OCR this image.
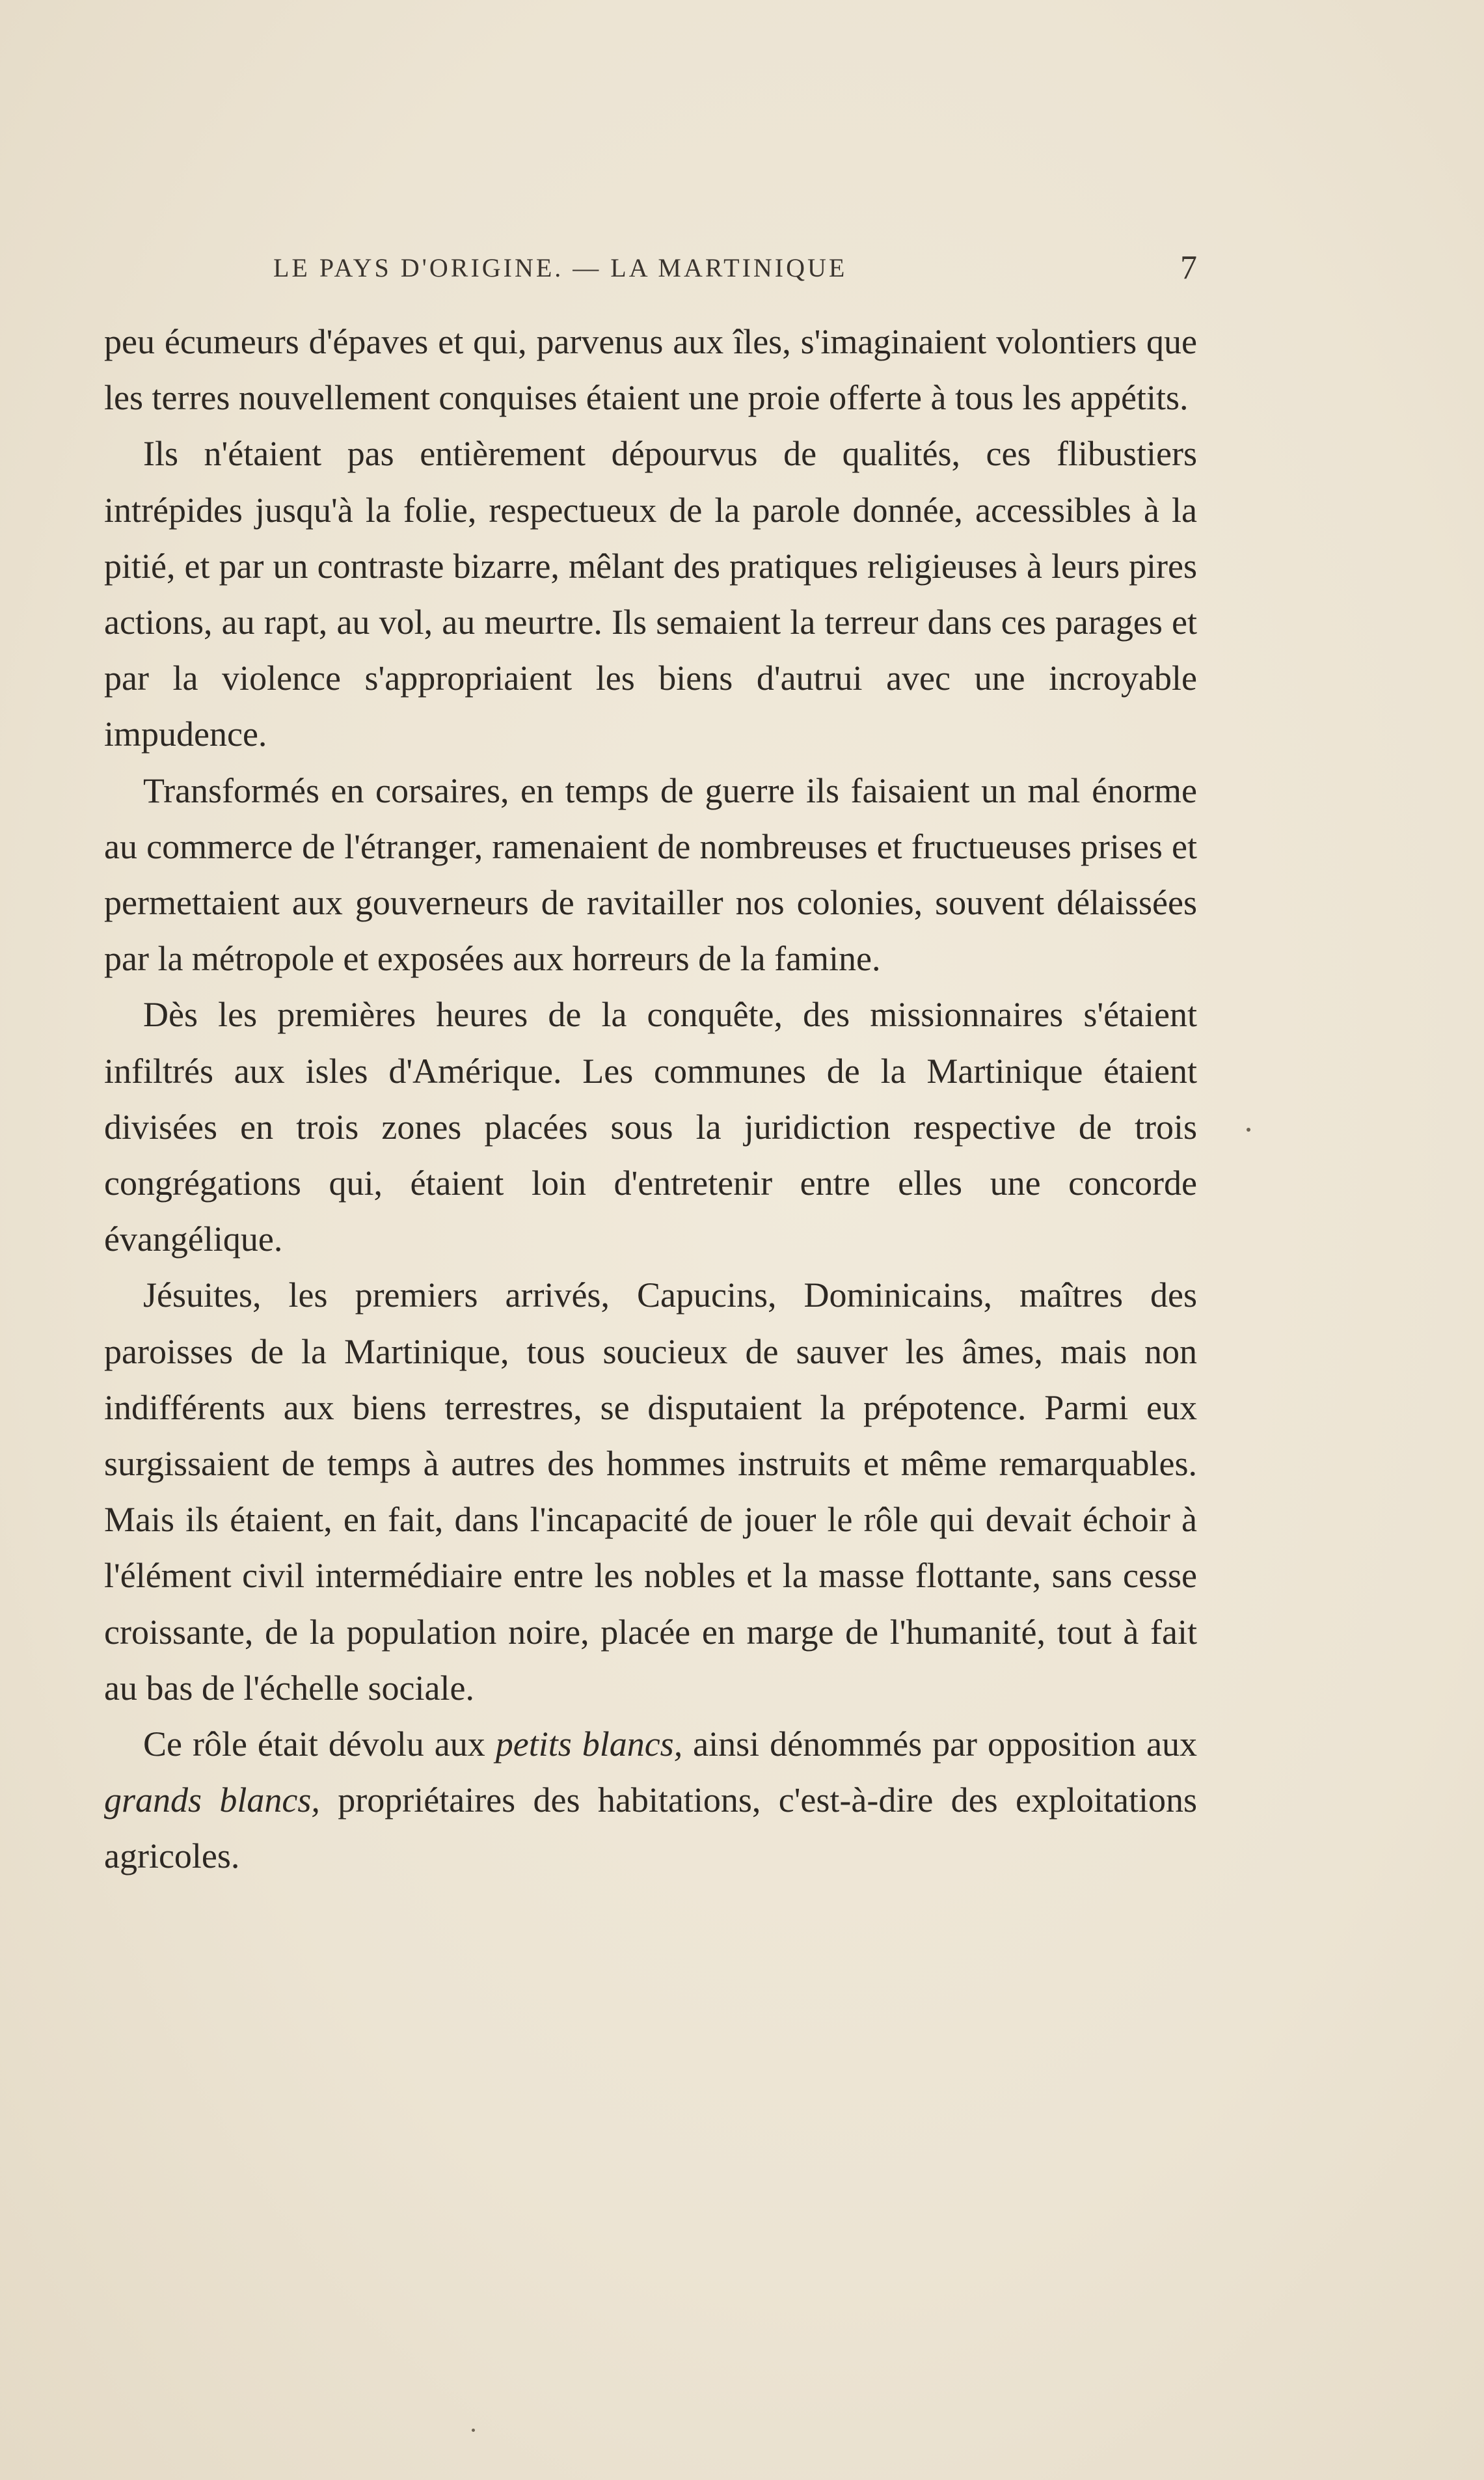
LE PAYS D'ORIGINE. — LA MARTINIQUE	7

peu écumeurs d'épaves et qui, parvenus aux îles, s'imaginaient volontiers que les terres nouvellement conquises étaient une proie offerte à tous les appétits.

Ils n'étaient pas entièrement dépourvus de qualités, ces flibustiers intrépides jusqu'à la folie, respectueux de la parole donnée, accessibles à la pitié, et par un contraste bizarre, mêlant des pratiques religieuses à leurs pires actions, au rapt, au vol, au meurtre. Ils semaient la terreur dans ces parages et par la violence s'appropriaient les biens d'autrui avec une incroyable impudence.

Transformés en corsaires, en temps de guerre ils faisaient un mal énorme au commerce de l'étranger, ramenaient de nombreuses et fructueuses prises et permettaient aux gouverneurs de ravitailler nos colonies, souvent délaissées par la métropole et exposées aux horreurs de la famine.

Dès les premières heures de la conquête, des missionnaires s'étaient infiltrés aux isles d'Amérique. Les communes de la Martinique étaient divisées en trois zones placées sous la juridiction respective de trois congrégations qui, étaient loin d'entretenir entre elles une concorde évangélique.

Jésuites, les premiers arrivés, Capucins, Dominicains, maîtres des paroisses de la Martinique, tous soucieux de sauver les âmes, mais non indifférents aux biens terrestres, se disputaient la prépotence. Parmi eux surgissaient de temps à autres des hommes instruits et même remarquables. Mais ils étaient, en fait, dans l'incapacité de jouer le rôle qui devait échoir à l'élément civil intermédiaire entre les nobles et la masse flottante, sans cesse croissante, de la population noire, placée en marge de l'humanité, tout à fait au bas de l'échelle sociale.

Ce rôle était dévolu aux petits blancs, ainsi dénommés par opposition aux grands blancs, propriétaires des habitations, c'est-à-dire des exploitations agricoles.
